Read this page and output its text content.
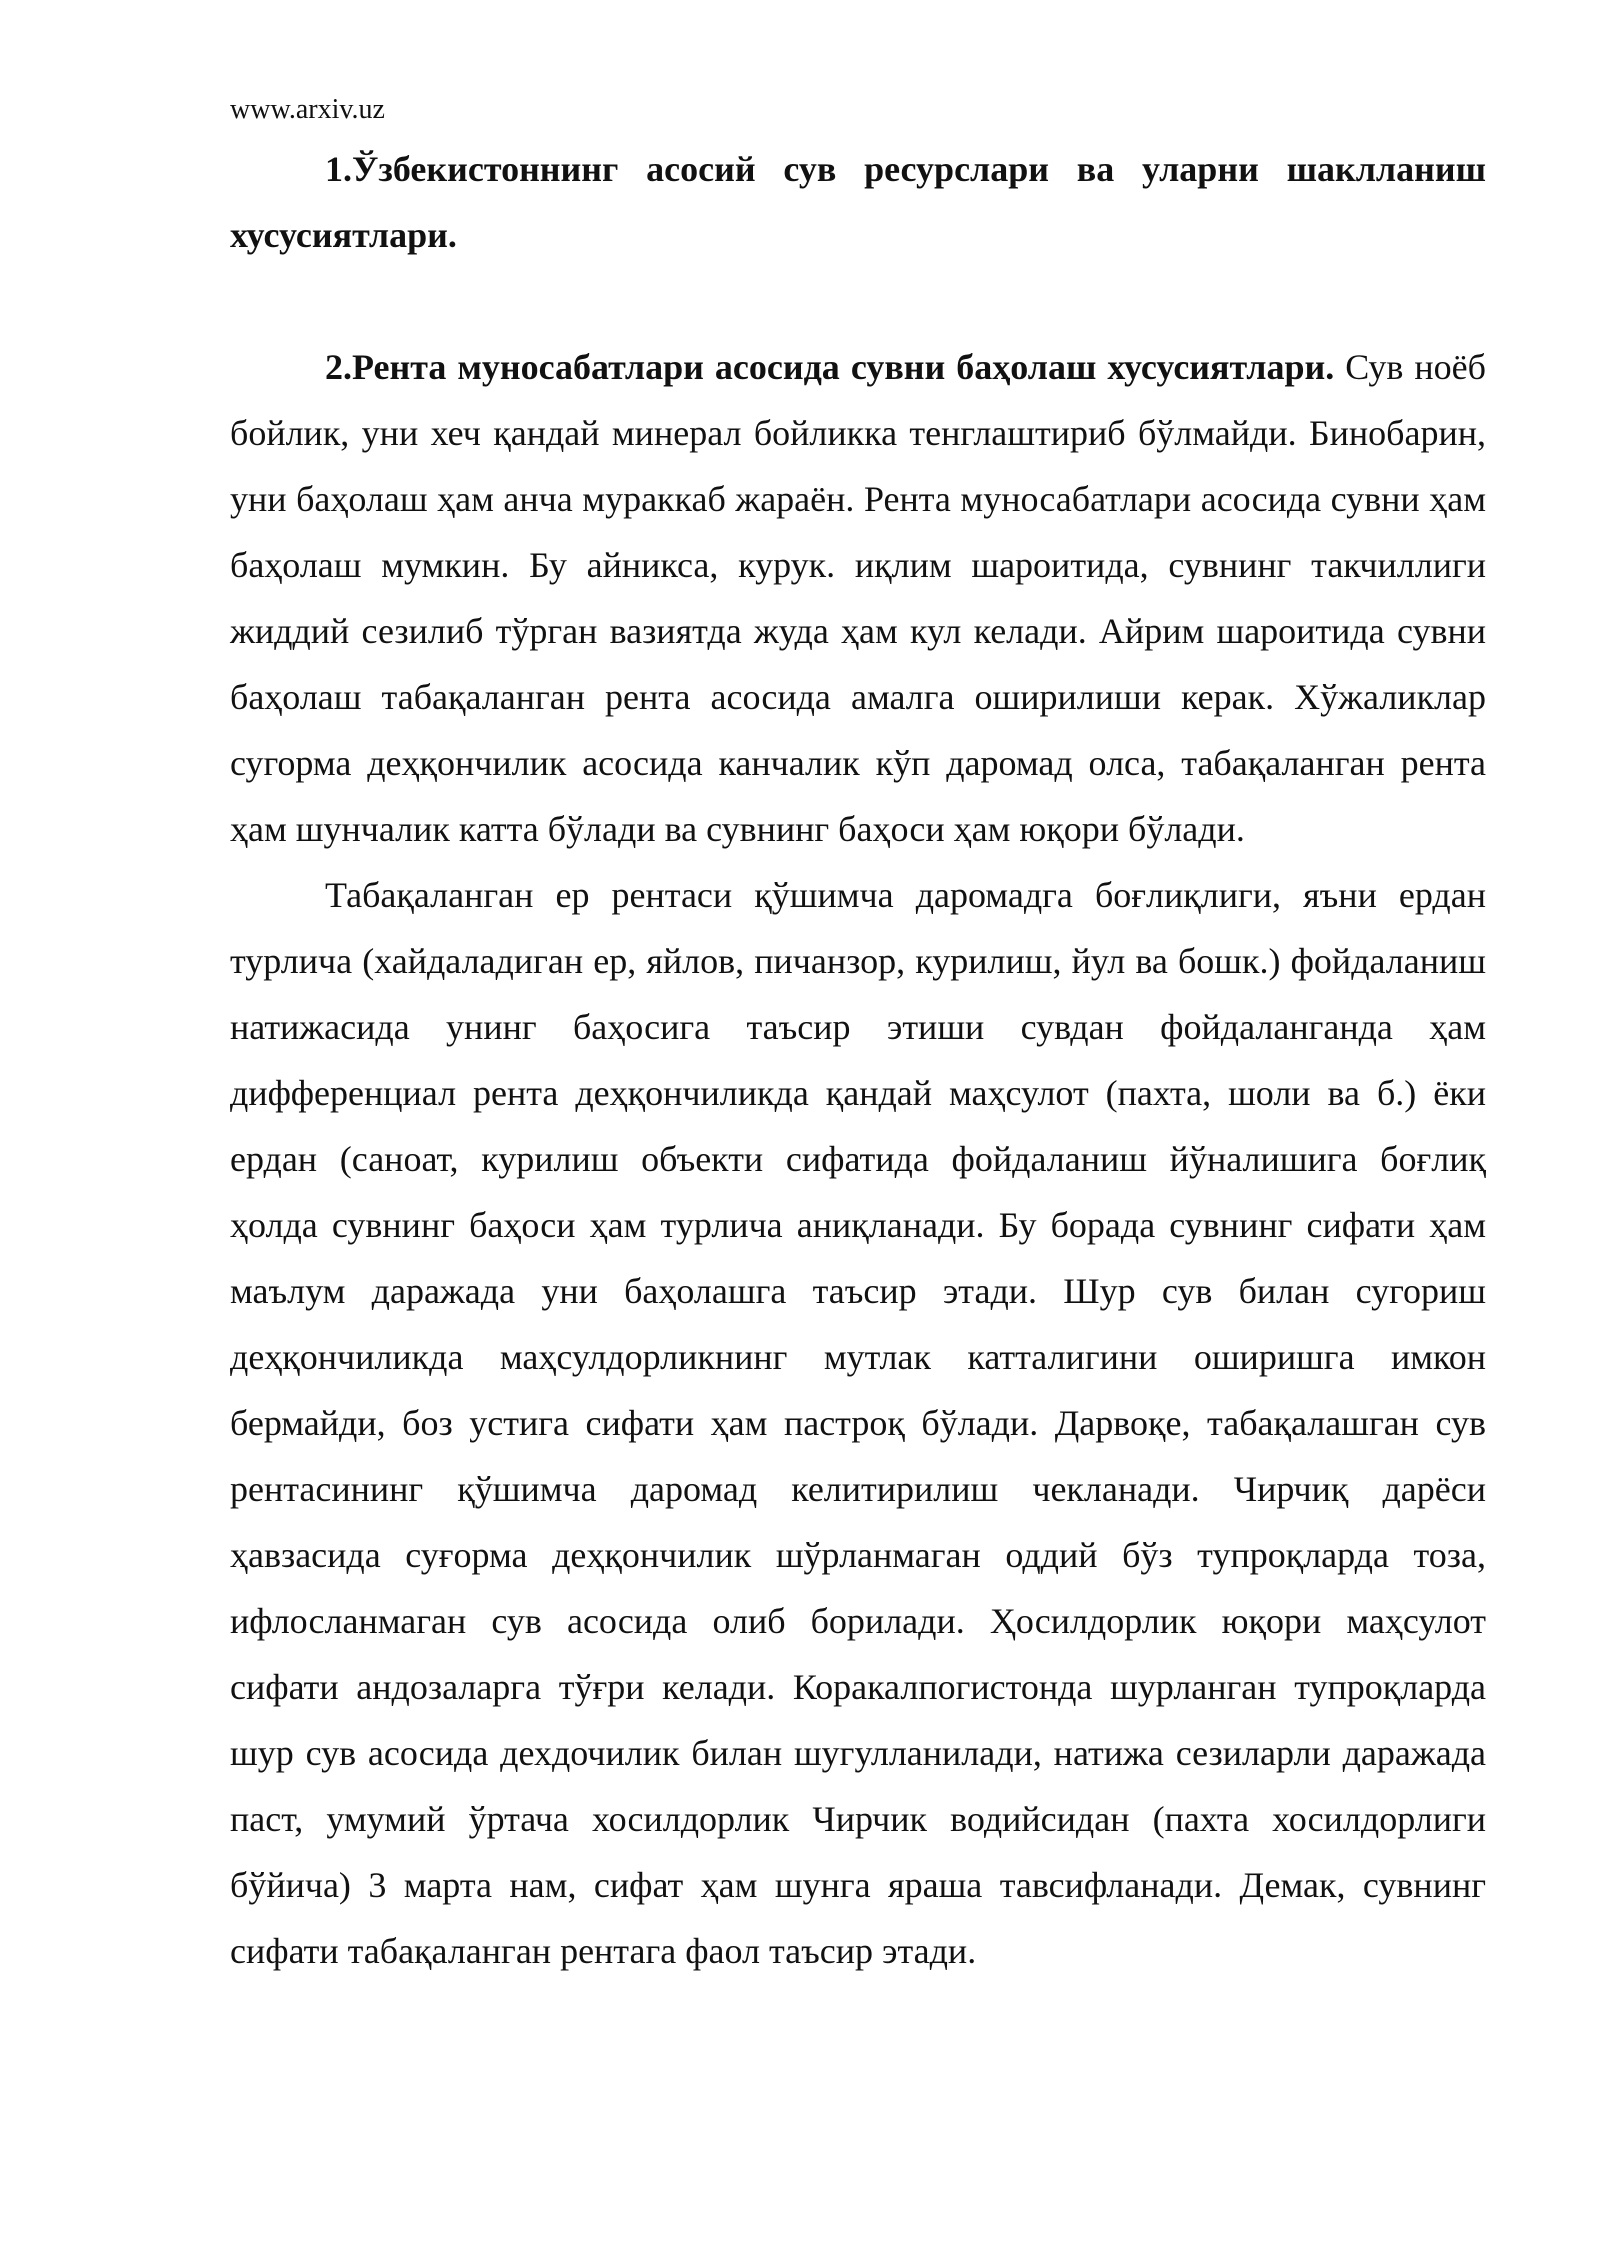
www.arxiv.uz

1.Ўзбекистоннинг асосий сув ресурслари ва уларни шаклланиш хусусиятлари.

2.Рента муносабатлари асосида сувни баҳолаш хусусиятлари. Сув ноёб бойлик, уни хеч қандай минерал бойликка тенглаштириб бўлмайди. Бинобарин, уни баҳолаш ҳам анча мураккаб жараён. Рента муносабатлари асосида сувни ҳам баҳолаш мумкин. Бу айникса, курук. иқлим шароитида, сувнинг такчиллиги жиддий сезилиб тўрган вазиятда жуда ҳам кул келади. Айрим шароитида сувни баҳолаш табақаланган рента асосида амалга оширилиши керак. Хўжаликлар сугорма деҳқончилик асосида канчалик кўп даромад олса, табақаланган рента ҳам шунчалик катта бўлади ва сувнинг баҳоси ҳам юқори бўлади.

Табақаланган ер рентаси қўшимча даромадга боғлиқлиги, яъни ердан турлича (хайдаладиган ер, яйлов, пичанзор, курилиш, йул ва бошк.) фойдаланиш натижасида унинг баҳосига таъсир этиши сувдан фойдаланганда ҳам дифференциал рента деҳқончиликда қандай маҳсулот (пахта, шоли ва б.) ёки ердан (саноат, курилиш объекти сифатида фойдаланиш йўналишига боғлиқ ҳолда сувнинг баҳоси ҳам турлича аниқланади. Бу борада сувнинг сифати ҳам маълум даражада уни баҳолашга таъсир этади. Шур сув билан сугориш деҳқончиликда маҳсулдорликнинг мутлак катталигини оширишга имкон бермайди, боз устига сифати ҳам пастроқ бўлади. Дарвоқе, табақалашган сув рентасининг қўшимча даромад келитирилиш чекланади. Чирчиқ дарёси ҳавзасида суғорма деҳқончилик шўрланмаган оддий бўз тупроқларда тоза, ифлосланмаган сув асосида олиб борилади. Ҳосилдорлик юқори маҳсулот сифати андозаларга тўғри келади. Коракалпогистонда шурланган тупроқларда шур сув асосида дехдочилик билан шугулланилади, натижа сезиларли даражада паст, умумий ўртача хосилдорлик Чирчик водийсидан (пахта хосилдорлиги бўйича) 3 марта нам, сифат ҳам шунга яраша тавсифланади. Демак, сувнинг сифати табақаланган рентага фаол таъсир этади.
